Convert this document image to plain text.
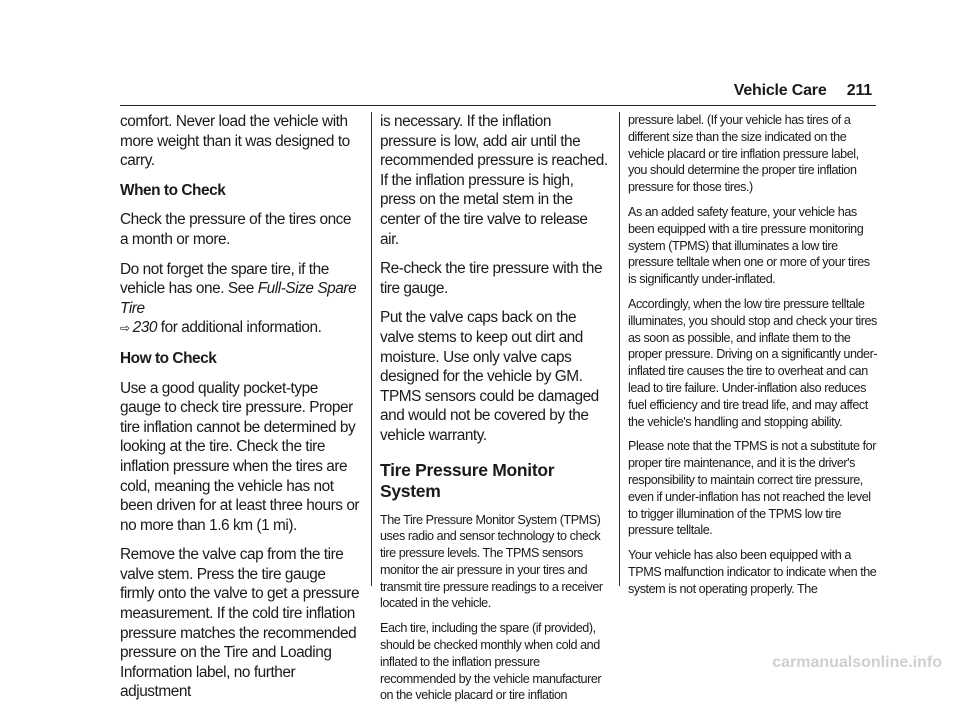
Vehicle Care 211

comfort. Never load the vehicle with more weight than it was designed to carry.

When to Check

Check the pressure of the tires once a month or more.

Do not forget the spare tire, if the vehicle has one. See Full-Size Spare Tire
⇨ 230 for additional information.

How to Check

Use a good quality pocket-type gauge to check tire pressure. Proper tire inflation cannot be determined by looking at the tire. Check the tire inflation pressure when the tires are cold, meaning the vehicle has not been driven for at least three hours or no more than 1.6 km (1 mi).

Remove the valve cap from the tire valve stem. Press the tire gauge firmly onto the valve to get a pressure measurement. If the cold tire inflation pressure matches the recommended pressure on the Tire and Loading Information label, no further adjustment

is necessary. If the inflation pressure is low, add air until the recommended pressure is reached. If the inflation pressure is high, press on the metal stem in the center of the tire valve to release air.

Re-check the tire pressure with the tire gauge.

Put the valve caps back on the valve stems to keep out dirt and moisture. Use only valve caps designed for the vehicle by GM. TPMS sensors could be damaged and would not be covered by the vehicle warranty.

Tire Pressure Monitor System

The Tire Pressure Monitor System (TPMS) uses radio and sensor technology to check tire pressure levels. The TPMS sensors monitor the air pressure in your tires and transmit tire pressure readings to a receiver located in the vehicle.

Each tire, including the spare (if provided), should be checked monthly when cold and inflated to the inflation pressure recommended by the vehicle manufacturer on the vehicle placard or tire inflation

pressure label. (If your vehicle has tires of a different size than the size indicated on the vehicle placard or tire inflation pressure label, you should determine the proper tire inflation pressure for those tires.)

As an added safety feature, your vehicle has been equipped with a tire pressure monitoring system (TPMS) that illuminates a low tire pressure telltale when one or more of your tires is significantly under-inflated.

Accordingly, when the low tire pressure telltale illuminates, you should stop and check your tires as soon as possible, and inflate them to the proper pressure. Driving on a significantly under-inflated tire causes the tire to overheat and can lead to tire failure. Under-inflation also reduces fuel efficiency and tire tread life, and may affect the vehicle's handling and stopping ability.

Please note that the TPMS is not a substitute for proper tire maintenance, and it is the driver's responsibility to maintain correct tire pressure, even if under-inflation has not reached the level to trigger illumination of the TPMS low tire pressure telltale.

Your vehicle has also been equipped with a TPMS malfunction indicator to indicate when the system is not operating properly. The

carmanualsonline.info
